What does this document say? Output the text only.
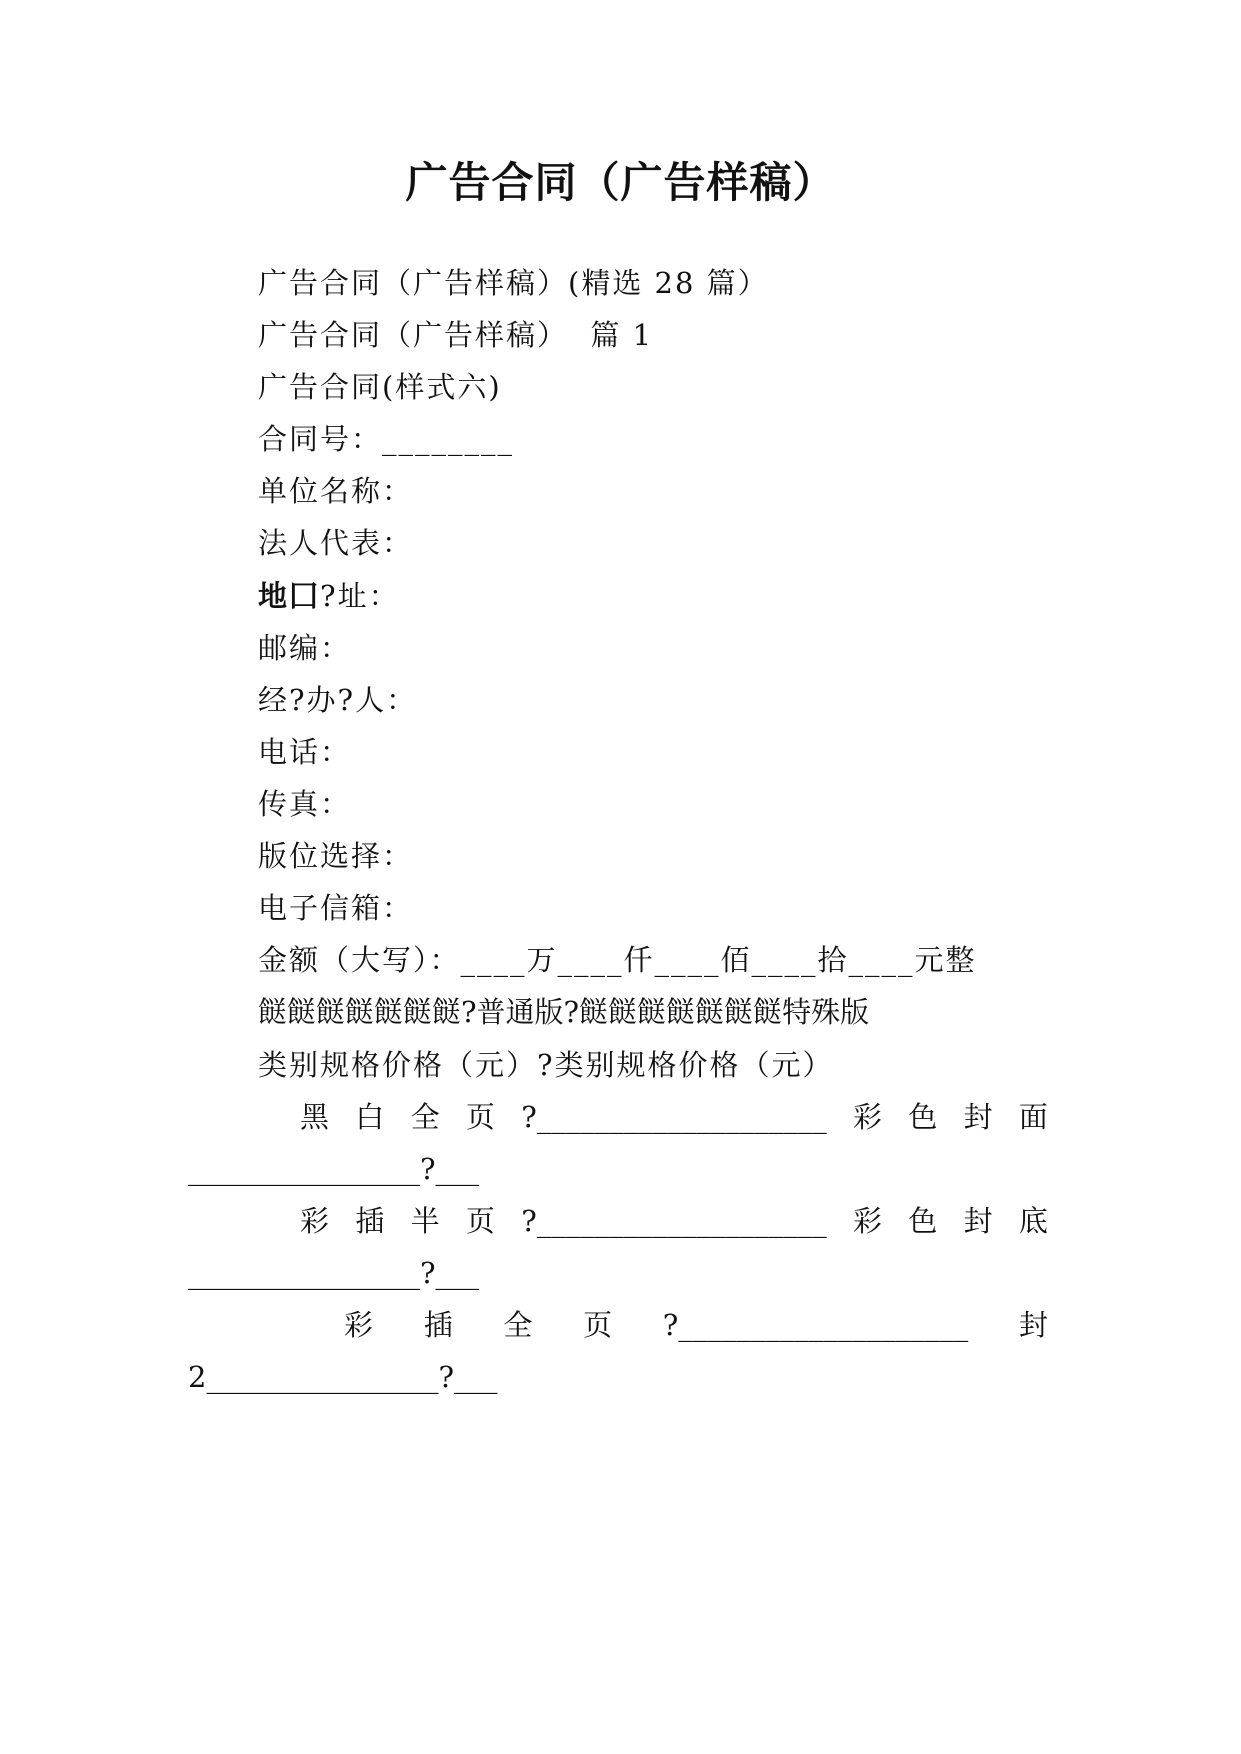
广告合同（广告样稿）
广告合同（广告样稿）(精选 28 篇）
广告合同（广告样稿）  篇 1
广告合同(样式六)
合同号：________
单位名称：
法人代表：
地囗?址：
邮编：
经?办?人：
电话：
传真：
版位选择：
电子信箱：
金额（大写）：____万____仟____佰____拾____元整
餸餸餸餸餸餸餸?普通版?餸餸餸餸餸餸餸特殊版
类别规格价格（元）?类别规格价格（元）
黑 白 全 页 ?____________________ 彩 色 封 面
________________?___
彩 插 半 页 ?____________________ 彩 色 封 底
________________?___
彩 插 全 页 ?____________________ 封
2________________?___
